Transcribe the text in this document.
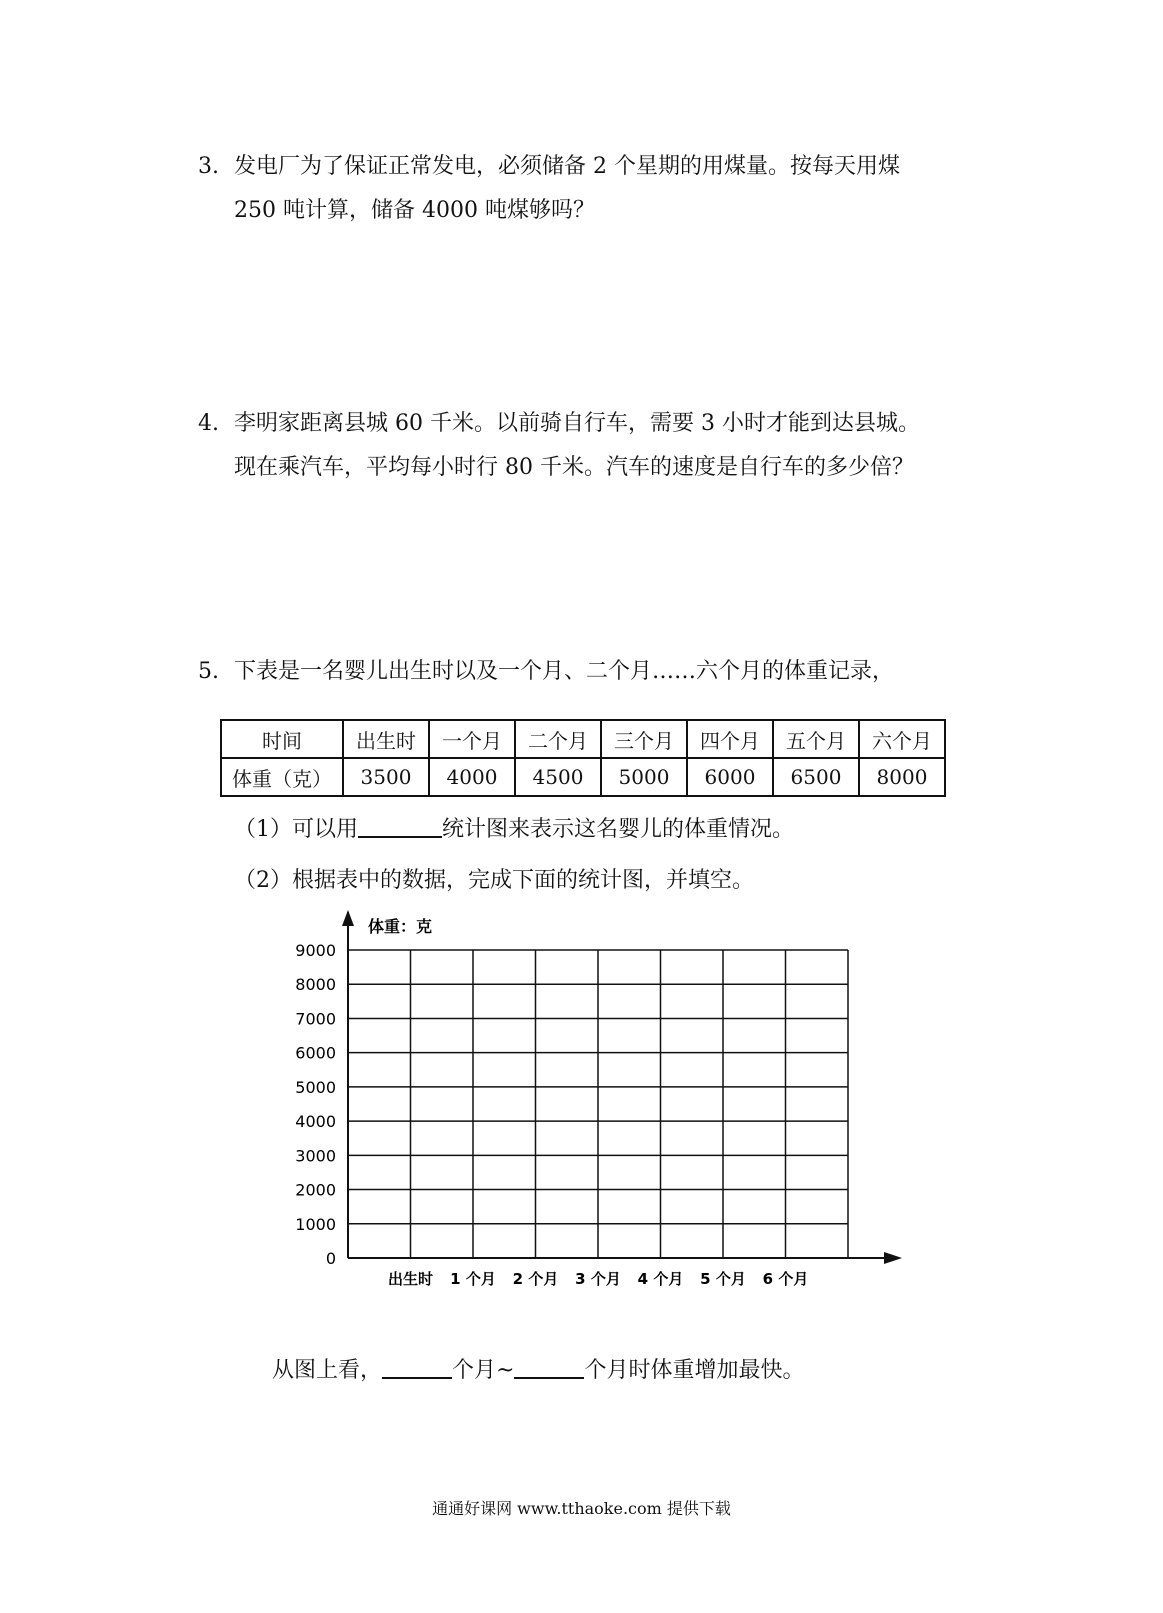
3. 发电厂为了保证正常发电，必须储备 2 个星期的用煤量。按每天用煤
250 吨计算，储备 4000 吨煤够吗？
4. 李明家距离县城 60 千米。以前骑自行车，需要 3 小时才能到达县城。
现在乘汽车，平均每小时行 80 千米。汽车的速度是自行车的多少倍？
5. 下表是一名婴儿出生时以及一个月、二个月……六个月的体重记录，
时间	出生时	一个月	二个月	三个月	四个月	五个月	六个月
体重（克）	3500	4000	4500	5000	6000	6500	8000
（1）可以用	统计图来表示这名婴儿的体重情况。
（2）根据表中的数据，完成下面的统计图，并填空。
0
1000
2000
3000
4000
5000
6000
7000
8000
9000
出生时 1 个月 2 个月 3 个月 4 个月 5 个月 6 个月
体重：克
从图上看，	个月~	个月时体重增加最快。
通通好课网 www.tthaoke.com 提供下载
